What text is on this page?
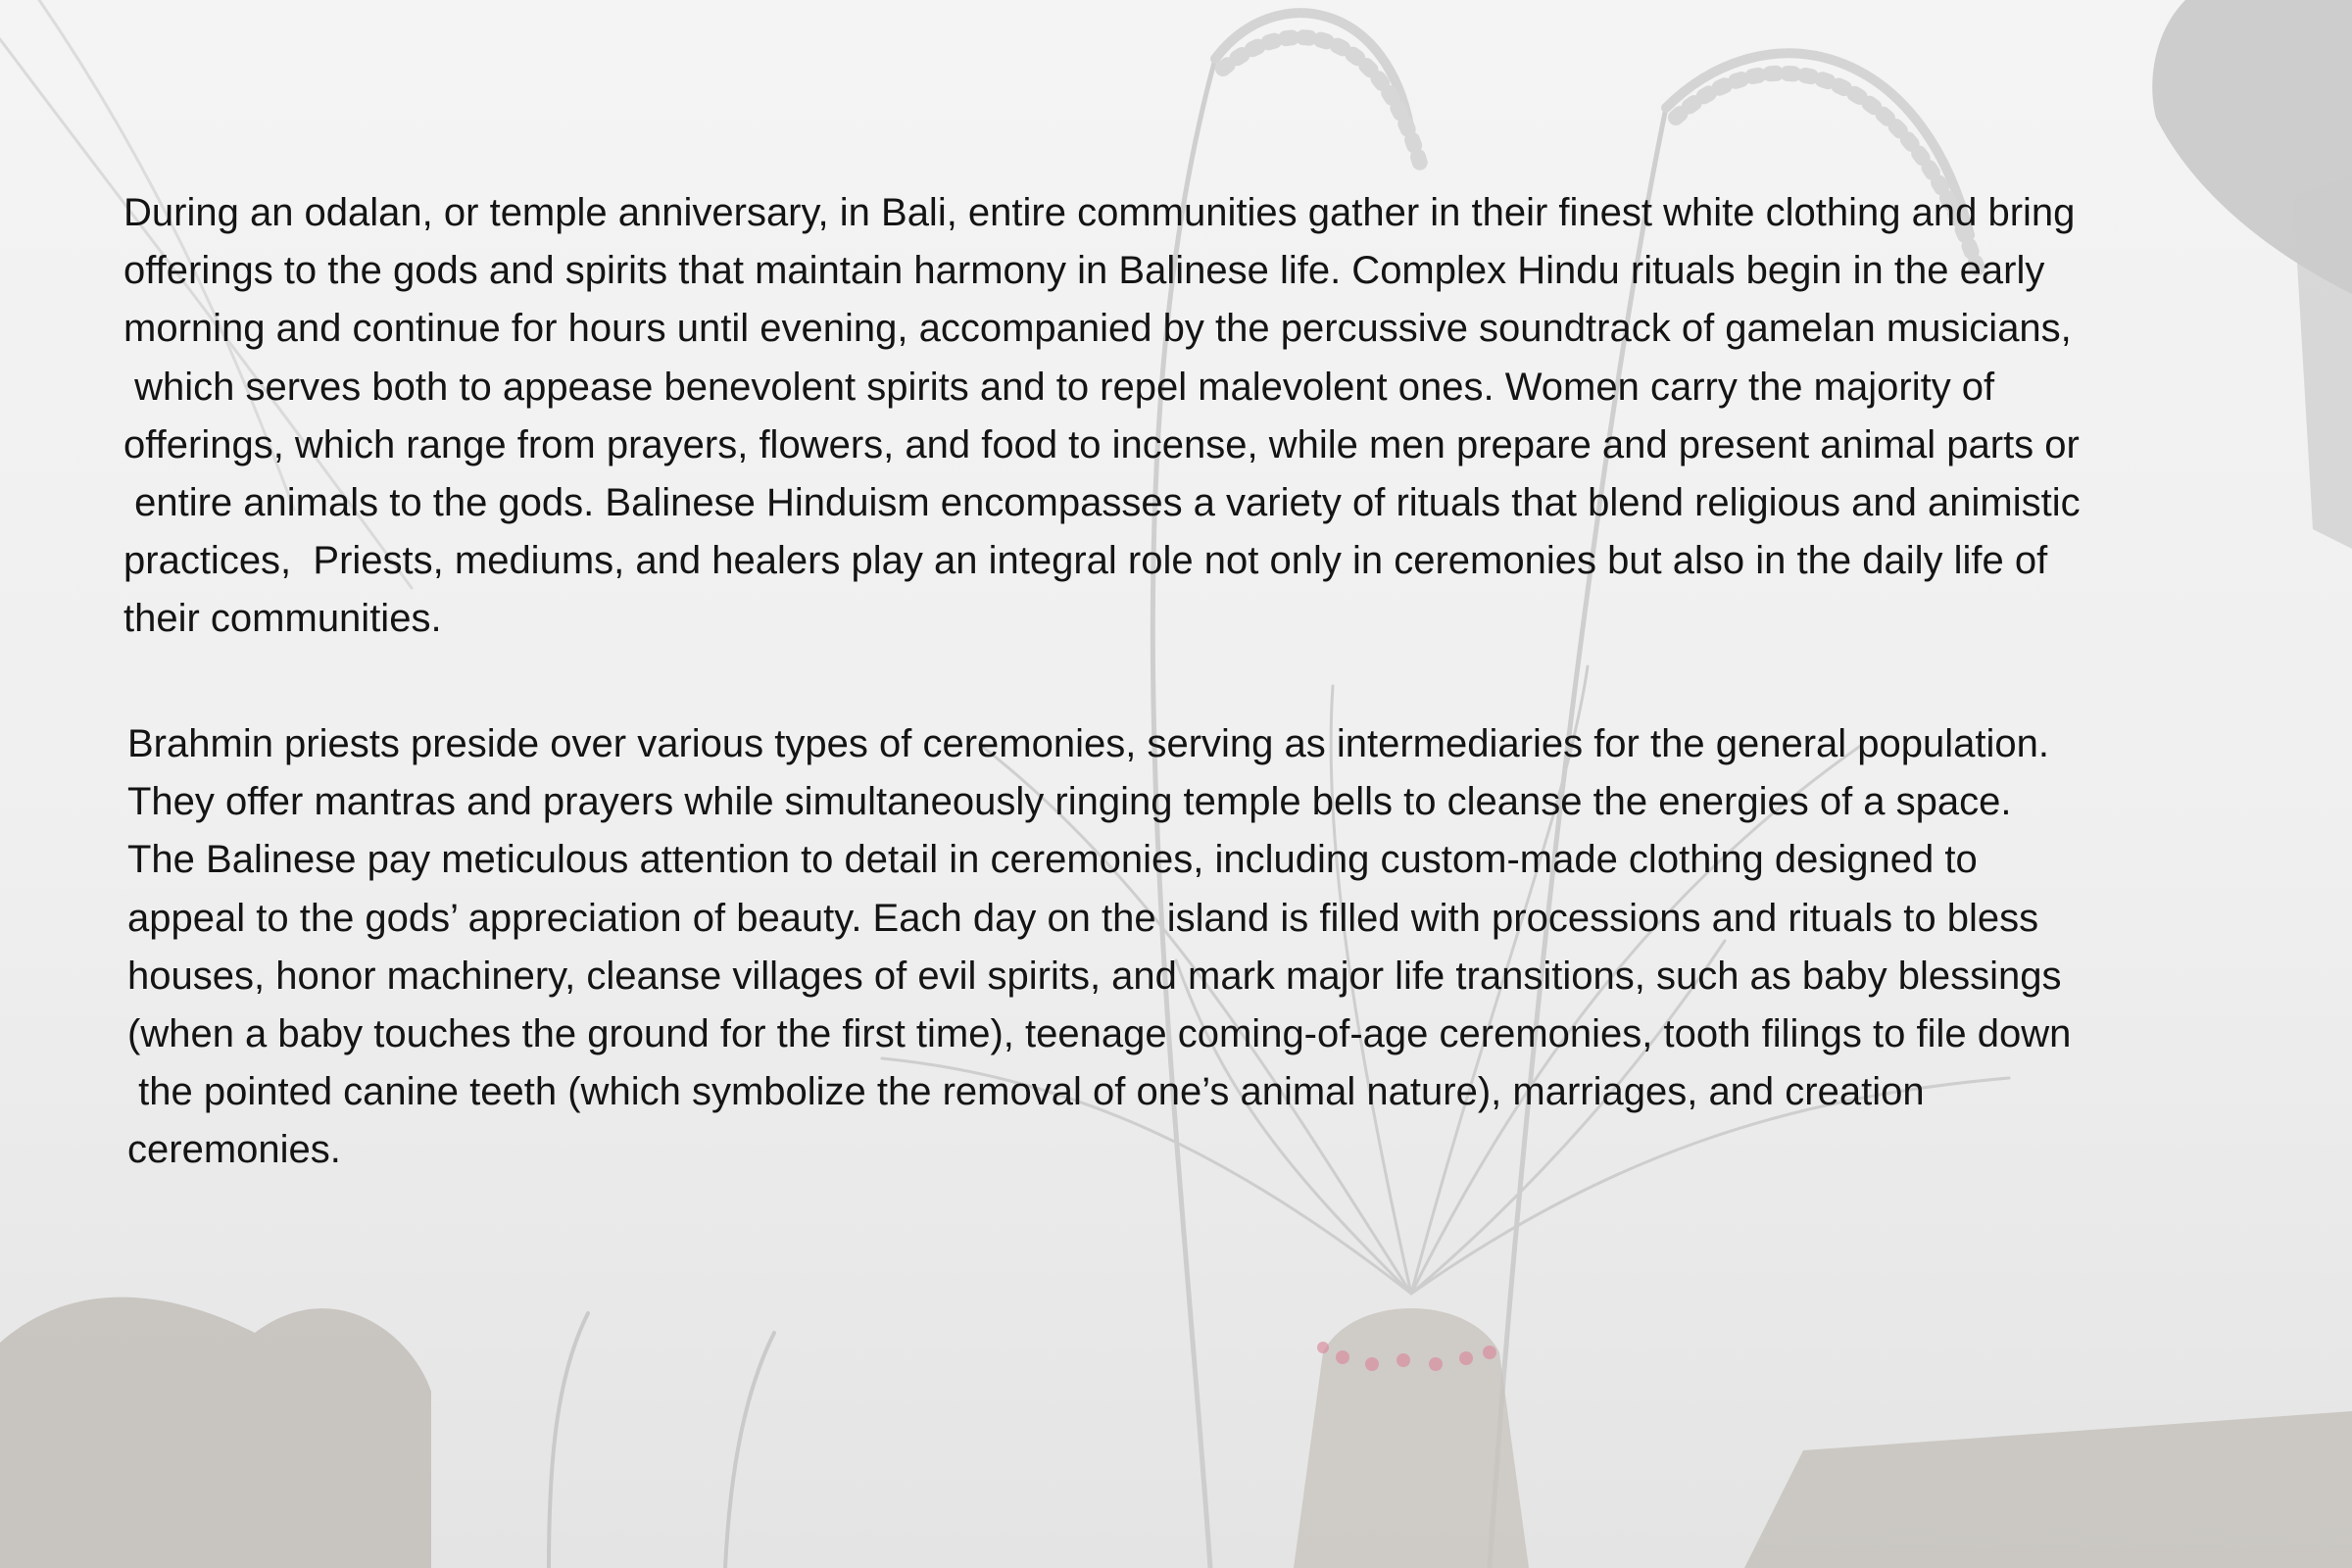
During an odalan, or temple anniversary, in Bali, entire communities gather in their finest white clothing and bring
offerings to the gods and spirits that maintain harmony in Balinese life. Complex Hindu rituals begin in the early
morning and continue for hours until evening, accompanied by the percussive soundtrack of gamelan musicians,
which serves both to appease benevolent spirits and to repel malevolent ones. Women carry the majority of
offerings, which range from prayers, flowers, and food to incense, while men prepare and present animal parts or
entire animals to the gods. Balinese Hinduism encompasses a variety of rituals that blend religious and animistic
practices,  Priests, mediums, and healers play an integral role not only in ceremonies but also in the daily life of
their communities.

Brahmin priests preside over various types of ceremonies, serving as intermediaries for the general population.
They offer mantras and prayers while simultaneously ringing temple bells to cleanse the energies of a space.
The Balinese pay meticulous attention to detail in ceremonies, including custom-made clothing designed to
appeal to the gods’ appreciation of beauty. Each day on the island is filled with processions and rituals to bless
houses, honor machinery, cleanse villages of evil spirits, and mark major life transitions, such as baby blessings
(when a baby touches the ground for the first time), teenage coming-of-age ceremonies, tooth filings to file down
the pointed canine teeth (which symbolize the removal of one’s animal nature), marriages, and creation
ceremonies.
